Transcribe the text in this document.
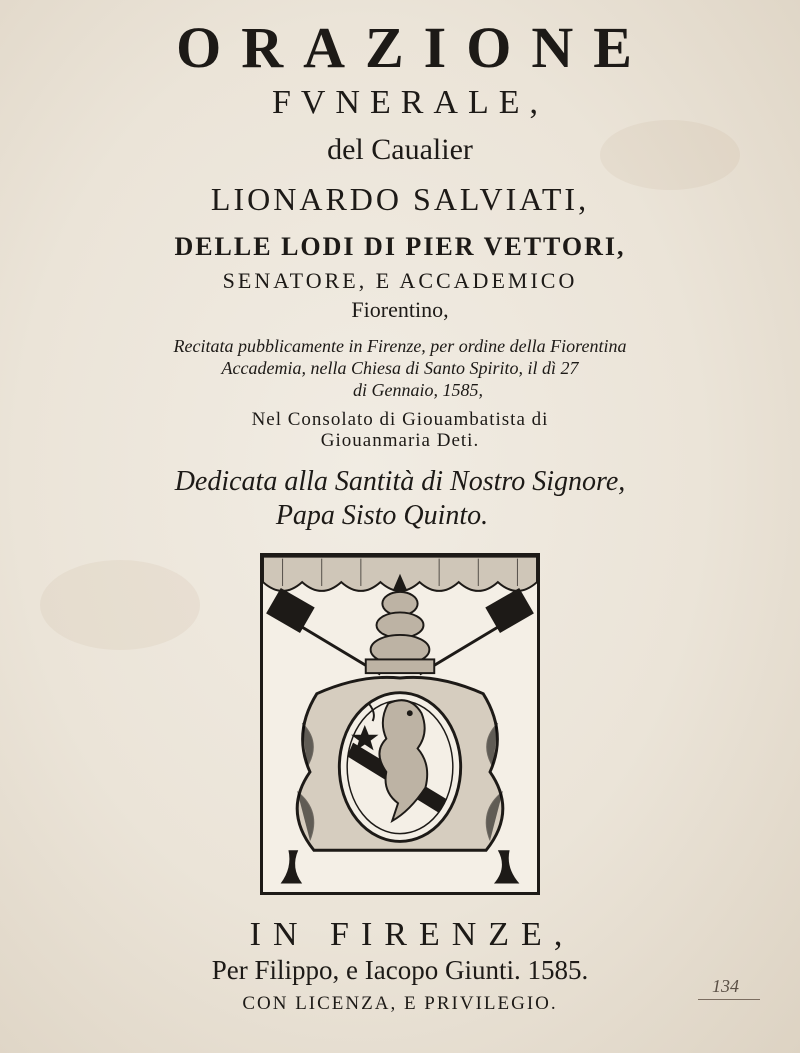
ORAZIONE

FVNERALE,

del Caualier

LIONARDO SALVIATI,

DELLE LODI DI PIER VETTORI,

SENATORE, E ACCADEMICO

Fiorentino,

Recitata pubblicamente in Firenze, per ordine della Fiorentina

Accademia, nella Chiesa di Santo Spirito, il dì 27

di Gennaio, 1585,

Nel Consolato di Giouambatista di

Giouanmaria Deti.

Dedicata alla Santità di Nostro Signore,

Papa Sisto Quinto.

IN FIRENZE,

Per Filippo, e Iacopo Giunti. 1585.

CON LICENZA, E PRIVILEGIO.

134
